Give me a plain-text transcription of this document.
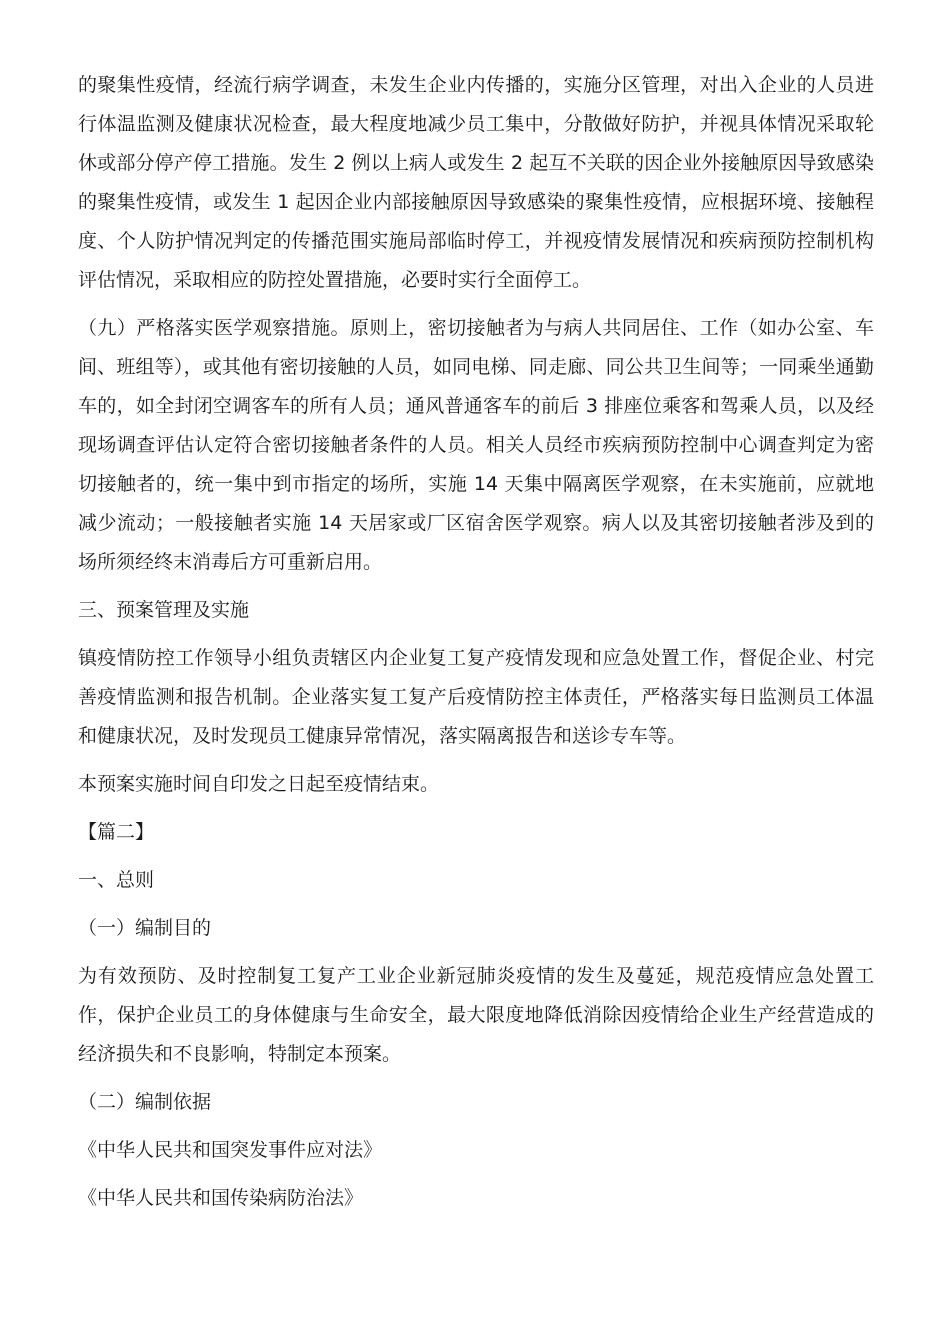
的聚集性疫情，经流行病学调查，未发生企业内传播的，实施分区管理，对出入企业的人员进行体温监测及健康状况检查，最大程度地减少员工集中，分散做好防护，并视具体情况采取轮休或部分停产停工措施。发生 2 例以上病人或发生 2 起互不关联的因企业外接触原因导致感染的聚集性疫情，或发生 1 起因企业内部接触原因导致感染的聚集性疫情，应根据环境、接触程度、个人防护情况判定的传播范围实施局部临时停工，并视疫情发展情况和疾病预防控制机构评估情况，采取相应的防控处置措施，必要时实行全面停工。

（九）严格落实医学观察措施。原则上，密切接触者为与病人共同居住、工作（如办公室、车间、班组等），或其他有密切接触的人员，如同电梯、同走廊、同公共卫生间等；一同乘坐通勤车的，如全封闭空调客车的所有人员；通风普通客车的前后 3 排座位乘客和驾乘人员，以及经现场调查评估认定符合密切接触者条件的人员。相关人员经市疾病预防控制中心调查判定为密切接触者的，统一集中到市指定的场所，实施 14 天集中隔离医学观察，在未实施前，应就地减少流动；一般接触者实施 14 天居家或厂区宿舍医学观察。病人以及其密切接触者涉及到的场所须经终末消毒后方可重新启用。

三、预案管理及实施

镇疫情防控工作领导小组负责辖区内企业复工复产疫情发现和应急处置工作，督促企业、村完善疫情监测和报告机制。企业落实复工复产后疫情防控主体责任，严格落实每日监测员工体温和健康状况，及时发现员工健康异常情况，落实隔离报告和送诊专车等。

本预案实施时间自印发之日起至疫情结束。

【篇二】

一、总则

（一）编制目的

为有效预防、及时控制复工复产工业企业新冠肺炎疫情的发生及蔓延，规范疫情应急处置工作，保护企业员工的身体健康与生命安全，最大限度地降低消除因疫情给企业生产经营造成的经济损失和不良影响，特制定本预案。

（二）编制依据

《中华人民共和国突发事件应对法》

《中华人民共和国传染病防治法》
